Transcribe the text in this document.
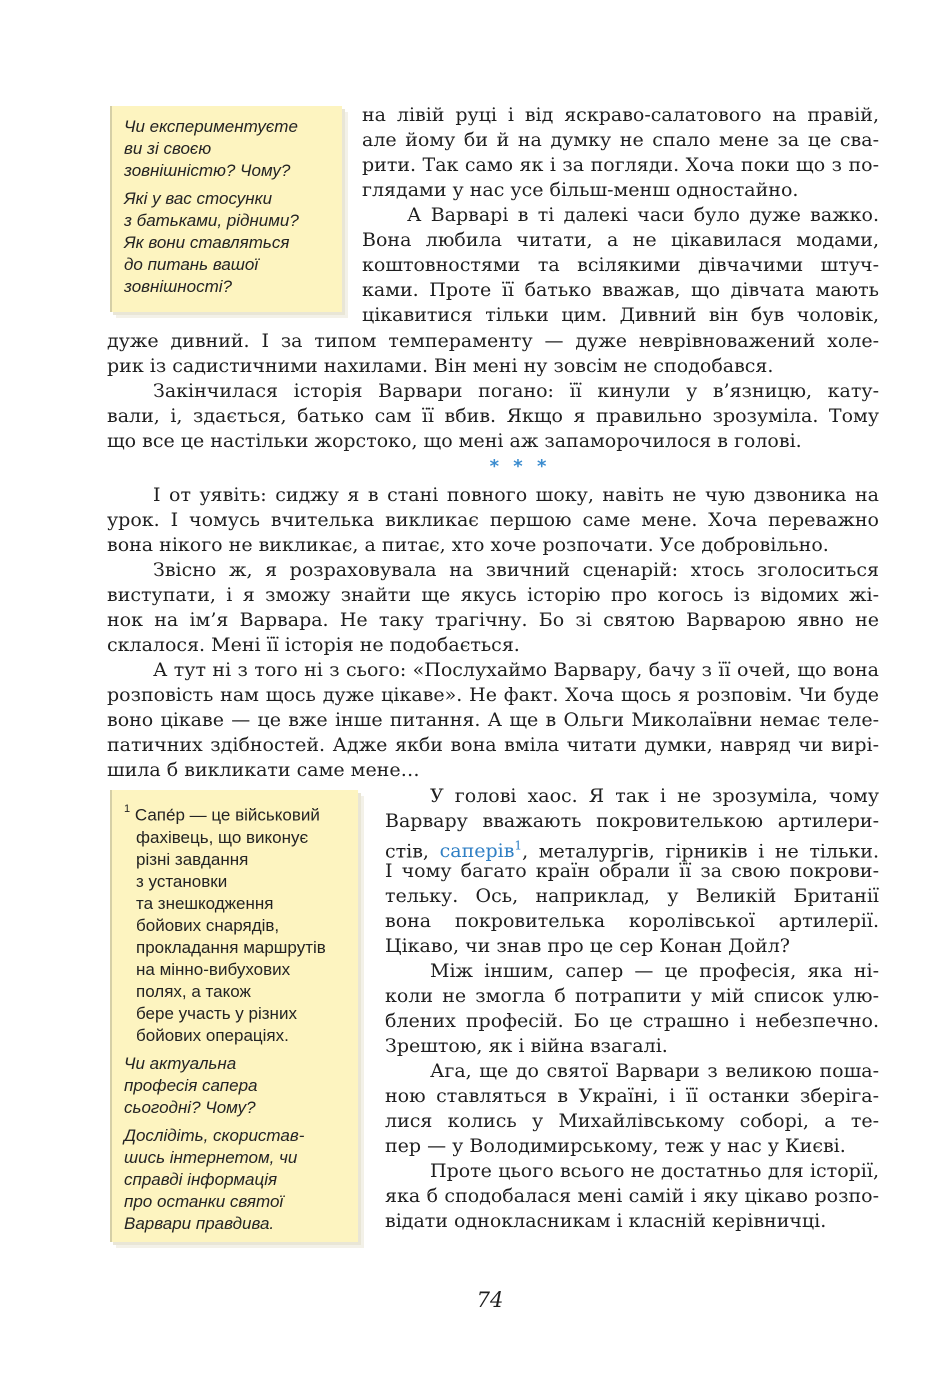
Чи експериментуєте
ви зі своєю
зовнішністю? Чому?

Які у вас стосунки
з батьками, рідними?
Як вони ставляться
до питань вашої
зовнішності?

$^1$ Сапе́р — це військовий
фахівець, що виконує
різні завдання
з установки
та знешкодження
бойових снарядів,
прокладання маршрутів
на мінно-вибухових
полях, а також
бере участь у різних
бойових операціях.

Чи актуальна
професія сапера
сьогодні? Чому?

Дослідіть, скористав-
шись інтернетом, чи
справді інформація
про останки святої
Варвари правдива.

на лівій руці і від яскраво-салатового на правій,
але йому би й на думку не спало мене за це сва-
рити. Так само як і за погляди. Хоча поки що з по-
глядами у нас усе більш-менш одностайно.
А Варварі в ті далекі часи було дуже важко.
Вона любила читати, а не цікавилася модами,
коштовностями та всілякими дівчачими штуч-
ками. Проте її батько вважав, що дівчата мають
цікавитися тільки цим. Дивний він був чоловік,
дуже дивний. І за типом темпераменту — дуже неврівноважений холе-
рик із садистичними нахилами. Він мені ну зовсім не сподобався.
Закінчилася історія Варвари погано: її кинули у в’язницю, кату-
вали, і, здається, батько сам її вбив. Якщо я правильно зрозуміла. Тому
що все це настільки жорстоко, що мені аж запаморочилося в голові.
* * *
І от уявіть: сиджу я в стані повного шоку, навіть не чую дзвоника на
урок. І чомусь вчителька викликає першою саме мене. Хоча переважно
вона нікого не викликає, а питає, хто хоче розпочати. Усе добровільно.
Звісно ж, я розраховувала на звичний сценарій: хтось зголоситься
виступати, і я зможу знайти ще якусь історію про когось із відомих жі-
нок на ім’я Варвара. Не таку трагічну. Бо зі святою Варварою явно не
склалося. Мені її історія не подобається.
А тут ні з того ні з сього: «Послухаймо Варвару, бачу з її очей, що вона
розповість нам щось дуже цікаве». Не факт. Хоча щось я розповім. Чи буде
воно цікаве — це вже інше питання. А ще в Ольги Миколаївни немає теле-
патичних здібностей. Адже якби вона вміла читати думки, навряд чи вирі-
шила б викликати саме мене…
У голові хаос. Я так і не зрозуміла, чому
Варвару вважають покровителькою артилери-
стів, саперів$^1$, металургів, гірників і не тільки.
І чому багато країн обрали її за свою покрови-
тельку. Ось, наприклад, у Великій Британії
вона покровителька королівської артилерії.
Цікаво, чи знав про це сер Конан Дойл?
Між іншим, сапер — це професія, яка ні-
коли не змогла б потрапити у мій список улю-
блених професій. Бо це страшно і небезпечно.
Зрештою, як і війна взагалі.
Ага, ще до святої Варвари з великою поша-
ною ставляться в Україні, і її останки зберіга-
лися колись у Михайлівському соборі, а те-
пер — у Володимирському, теж у нас у Києві.
Проте цього всього не достатньо для історії,
яка б сподобалася мені самій і яку цікаво розпо-
відати однокласникам і класній керівничці.
74
